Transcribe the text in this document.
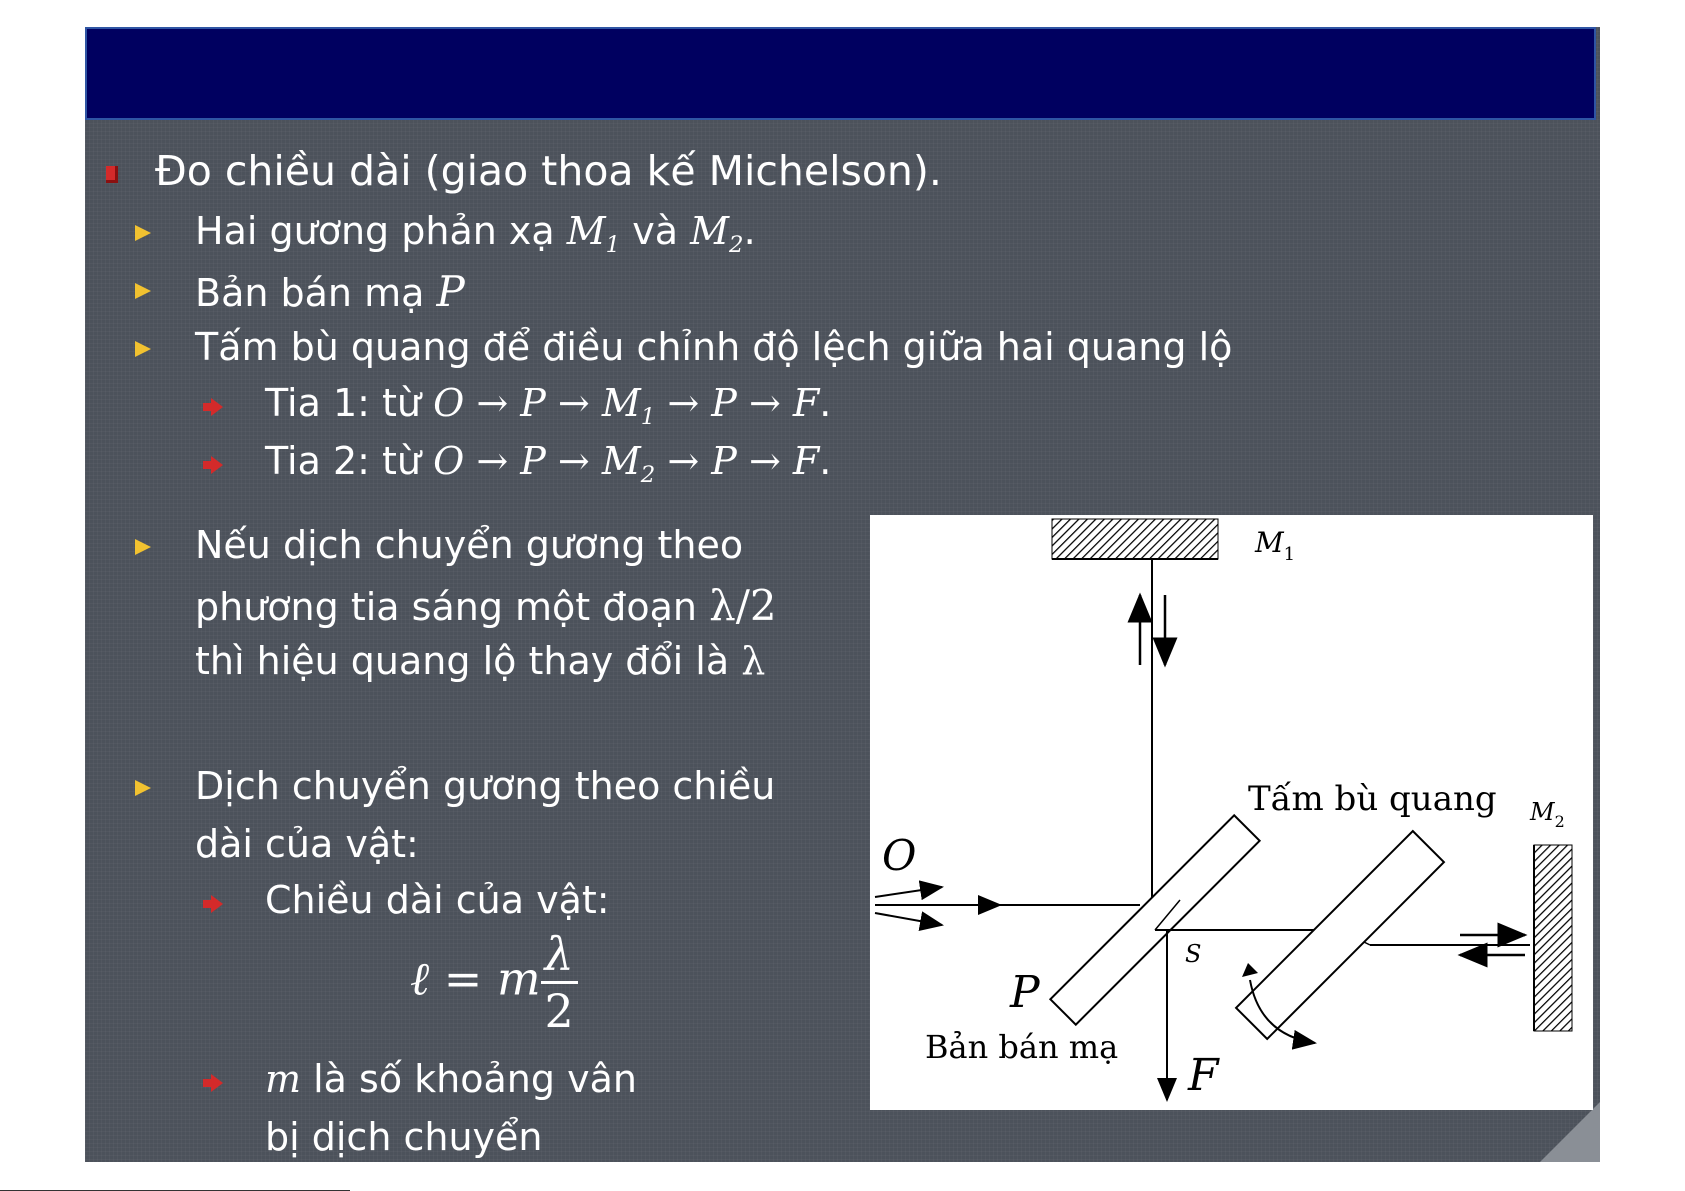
Đo chiều dài (giao thoa kế Michelson).
Hai gương phản xạ $M_1$ và $M_2$.
Bản bán mạ P
Tấm bù quang để điều chỉnh độ lệch giữa hai quang lộ
Tia 1: từ $O \to P \to M_1 \to P \to F$.
Tia 2: từ $O \to P \to M_2 \to P \to F$.
Nếu dịch chuyển gương theo
phương tia sáng một đoạn λ/2
thì hiệu quang lộ thay đổi là λ
Dịch chuyển gương theo chiều
dài của vật:
Chiều dài của vật:
ℓ = m $\frac{\lambda}{2}$
m là số khoảng vân
bị dịch chuyển
$M_1$
O
Tấm bù quang $M_2$
F
S
P
Bản bán mạ
